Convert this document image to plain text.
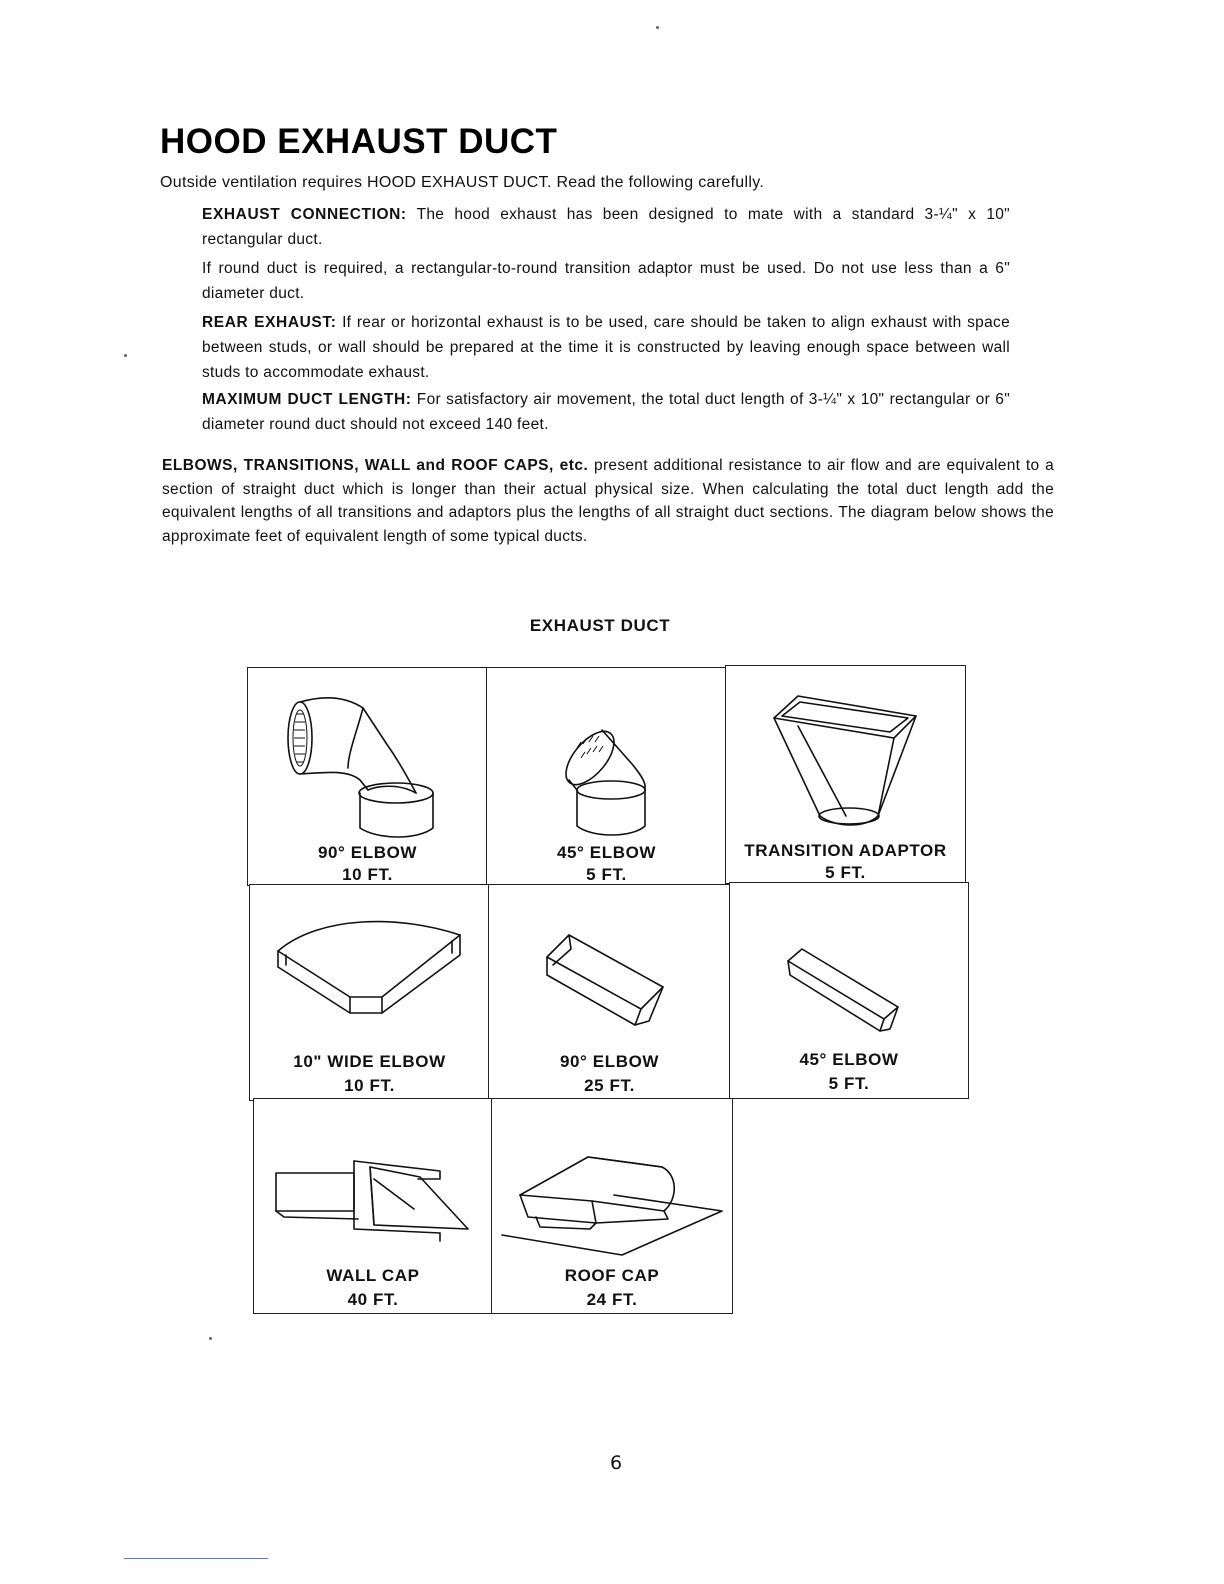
HOOD EXHAUST DUCT

Outside ventilation requires HOOD EXHAUST DUCT. Read the following carefully.

EXHAUST CONNECTION: The hood exhaust has been designed to mate with a standard 3-¼" x 10" rectangular duct.

If round duct is required, a rectangular-to-round transition adaptor must be used. Do not use less than a 6" diameter duct.

REAR EXHAUST: If rear or horizontal exhaust is to be used, care should be taken to align exhaust with space between studs, or wall should be prepared at the time it is constructed by leaving enough space between wall studs to accommodate exhaust.

MAXIMUM DUCT LENGTH: For satisfactory air movement, the total duct length of 3-¼" x 10" rectangular or 6" diameter round duct should not exceed 140 feet.

ELBOWS, TRANSITIONS, WALL and ROOF CAPS, etc. present additional resistance to air flow and are equivalent to a section of straight duct which is longer than their actual physical size. When calculating the total duct length add the equivalent lengths of all transitions and adaptors plus the lengths of all straight duct sections. The diagram below shows the approximate feet of equivalent length of some typical ducts.

EXHAUST DUCT
90° ELBOW
10 FT.
45° ELBOW
5 FT.
TRANSITION ADAPTOR
5 FT.
10" WIDE ELBOW
10 FT.
90° ELBOW
25 FT.
45° ELBOW
5 FT.
WALL CAP
40 FT.
ROOF CAP
24 FT.
6
